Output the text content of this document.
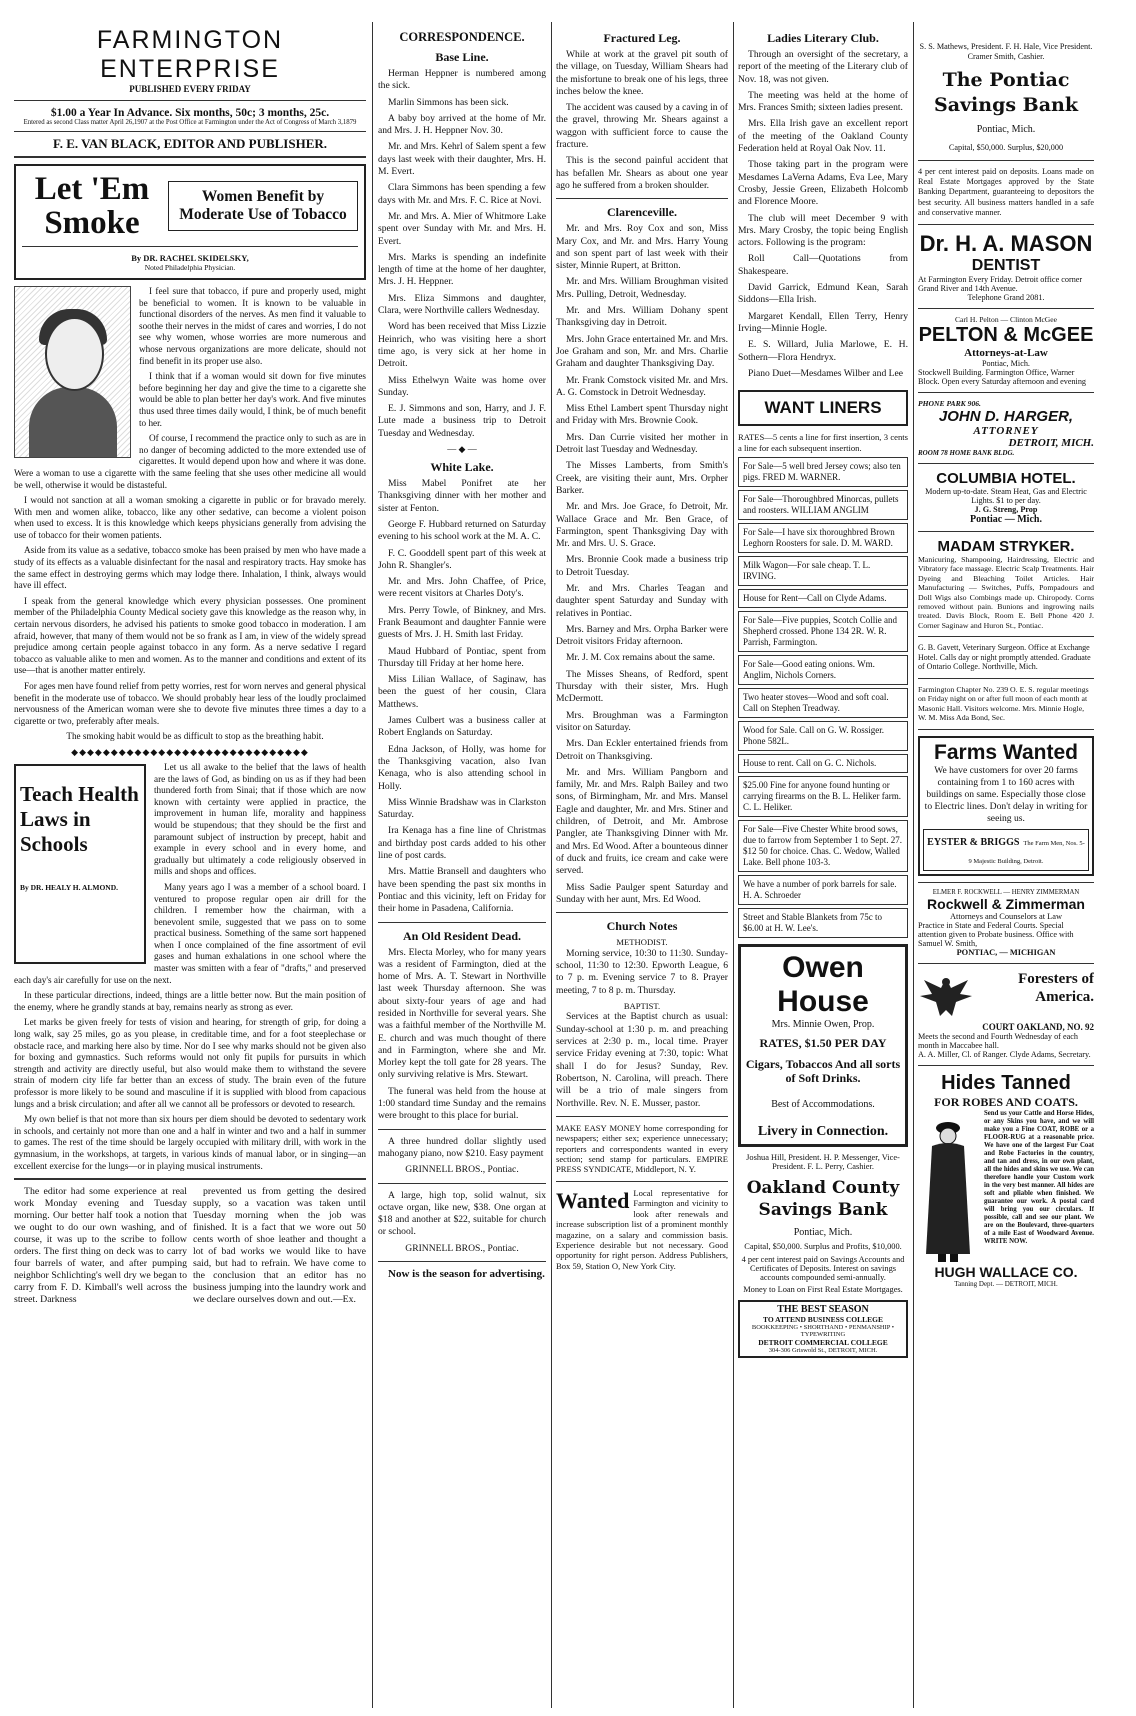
FARMINGTON ENTERPRISE
PUBLISHED EVERY FRIDAY
$1.00 a Year In Advance. Six months, 50c; 3 months, 25c.
Entered as second Class matter April 26,1907 at the Post Office at Farmington under the Act of Congress of March 3,1879
F. E. VAN BLACK, EDITOR AND PUBLISHER.
Let 'Em Smoke
Women Benefit by Moderate Use of Tobacco
By DR. RACHEL SKIDELSKY,
Noted Philadelphia Physician.

I feel sure that tobacco, if pure and properly used, might be beneficial to women. It is known to be valuable in functional disorders of the nerves. As men find it valuable to soothe their nerves in the midst of cares and worries, I do not see why women, whose worries are more numerous and whose nervous organizations are more delicate, should not find benefit in its proper use also.

I think that if a woman would sit down for five minutes before beginning her day and give the time to a cigarette she would be able to plan better her day's work. And five minutes thus used three times daily would, I think, be of much benefit to her.

Of course, I recommend the practice only to such as are in no danger of becoming addicted to the more extended use of cigarettes. It would depend upon how and where it was done. Were a woman to use a cigarette with the same feeling that she uses other medicine all would be well, otherwise it would be distasteful.

I would not sanction at all a woman smoking a cigarette in public or for bravado merely. With men and women alike, tobacco, like any other sedative, can become a violent poison when used to excess. It is this knowledge which keeps physicians generally from advising the use of tobacco for their women patients.

Aside from its value as a sedative, tobacco smoke has been praised by men who have made a study of its effects as a valuable disinfectant for the nasal and respiratory tracts. Hay smoke has the same effect in destroying germs which may lodge there. Inhalation, I think, always would have ill effect.

I speak from the general knowledge which every physician possesses. One prominent member of the Philadelphia County Medical society gave this knowledge as the reason why, in certain nervous disorders, he advised his patients to smoke good tobacco in moderation. I am afraid, however, that many of them would not be so frank as I am, in view of the widely spread prejudice among certain people against tobacco in any form. As a nerve sedative I regard tobacco as valuable alike to men and women. As to the manner and conditions and extent of its use—that is another matter entirely.

For ages men have found relief from petty worries, rest for worn nerves and general physical benefit in the moderate use of tobacco. We should probably hear less of the loudly proclaimed nervousness of the American woman were she to devote five minutes three times a day to a cigarette or two, preferably after meals.

The smoking habit would be as difficult to stop as the breathing habit.

◆◆◆◆◆◆◆◆◆◆◆◆◆◆◆◆◆◆◆◆◆◆◆◆◆◆◆◆◆◆
Teach Health Laws in Schools
By DR. HEALY H. ALMOND.

Let us all awake to the belief that the laws of health are the laws of God, as binding on us as if they had been thundered forth from Sinai; that if those which are now known with certainty were applied in practice, the improvement in human life, morality and happiness would be stupendous; that they should be the first and paramount subject of instruction by precept, habit and example in every school and in every home, and gradually but ultimately a code religiously observed in mills and shops and offices.

Many years ago I was a member of a school board. I ventured to propose regular open air drill for the children. I remember how the chairman, with a benevolent smile, suggested that we pass on to some practical business. Something of the same sort happened when I once complained of the fine assortment of evil gases and human exhalations in one school where the master was smitten with a fear of "drafts," and preserved each day's air carefully for use on the next.

In these particular directions, indeed, things are a little better now. But the main position of the enemy, where he grandly stands at bay, remains nearly as strong as ever.

Let marks be given freely for tests of vision and hearing, for strength of grip, for doing a long walk, say 25 miles, go as you please, in creditable time, and for a foot steeplechase or obstacle race, and marking here also by time. Nor do I see why marks should not be given also for boxing and gymnastics. Such reforms would not only fit pupils for pursuits in which strength and activity are directly useful, but also would make them to withstand the severe strain of modern city life far better than an excess of study. The brain even of the future professor is more likely to be sound and masculine if it is supplied with blood from capacious lungs and a brisk circulation; and after all we cannot all be professors or devoted to research.

My own belief is that not more than six hours per diem should be devoted to sedentary work in schools, and certainly not more than one and a half in winter and two and a half in summer to games. The rest of the time should be largely occupied with military drill, with work in the gymnasium, in the workshops, at targets, in various kinds of manual labor, or in singing—an excellent exercise for the lungs—or in playing musical instruments.

The editor had some experience at real work Monday evening and Tuesday morning. Our better half took a notion that we ought to do our own washing, and of course, it was up to the scribe to follow orders. The first thing on deck was to carry four barrels of water, and after pumping neighbor Schlichting's well dry we began to carry from F. D. Kimball's well across the street. Darkness

prevented us from getting the desired supply, so a vacation was taken until Tuesday morning when the job was finished. It is a fact that we wore out 50 cents worth of shoe leather and thought a lot of bad works we would like to have said, but had to refrain. We have come to the conclusion that an editor has no business jumping into the laundry work and we declare ourselves down and out.—Ex.

CORRESPONDENCE.
Base Line.

Herman Heppner is numbered among the sick.

Marlin Simmons has been sick.

A baby boy arrived at the home of Mr. and Mrs. J. H. Heppner Nov. 30.

Mr. and Mrs. Kehrl of Salem spent a few days last week with their daughter, Mrs. H. M. Evert.

Clara Simmons has been spending a few days with Mr. and Mrs. F. C. Rice at Novi.

Mr. and Mrs. A. Mier of Whitmore Lake spent over Sunday with Mr. and Mrs. H. Evert.

Mrs. Marks is spending an indefinite length of time at the home of her daughter, Mrs. J. H. Heppner.

Mrs. Eliza Simmons and daughter, Clara, were Northville callers Wednesday.

Word has been received that Miss Lizzie Heinrich, who was visiting here a short time ago, is very sick at her home in Detroit.

Miss Ethelwyn Waite was home over Sunday.

E. J. Simmons and son, Harry, and J. F. Lute made a business trip to Detroit Tuesday and Wednesday.

— ◆ —
White Lake.

Miss Mabel Ponifret ate her Thanksgiving dinner with her mother and sister at Fenton.

George F. Hubbard returned on Saturday evening to his school work at the M. A. C.

F. C. Gooddell spent part of this week at John R. Shangler's.

Mr. and Mrs. John Chaffee, of Price, were recent visitors at Charles Doty's.

Mrs. Perry Towle, of Binkney, and Mrs. Frank Beaumont and daughter Fannie were guests of Mrs. J. H. Smith last Friday.

Maud Hubbard of Pontiac, spent from Thursday till Friday at her home here.

Miss Lilian Wallace, of Saginaw, has been the guest of her cousin, Clara Matthews.

James Culbert was a business caller at Robert Englands on Saturday.

Edna Jackson, of Holly, was home for the Thanksgiving vacation, also Ivan Kenaga, who is also attending school in Holly.

Miss Winnie Bradshaw was in Clarkston Saturday.

Ira Kenaga has a fine line of Christmas and birthday post cards added to his other line of post cards.

Mrs. Mattie Bransell and daughters who have been spending the past six months in Pontiac and this vicinity, left on Friday for their home in Pasadena, California.

An Old Resident Dead.

Mrs. Electa Morley, who for many years was a resident of Farmington, died at the home of Mrs. A. T. Stewart in Northville last week Thursday afternoon. She was about sixty-four years of age and had resided in Northville for several years. She was a faithful member of the Northville M. E. church and was much thought of there and in Farmington, where she and Mr. Morley kept the toll gate for 28 years. The only surviving relative is Mrs. Stewart.

The funeral was held from the house at 1:00 standard time Sunday and the remains were brought to this place for burial.

A three hundred dollar slightly used mahogany piano, now $210. Easy payment

GRINNELL BROS., Pontiac.

A large, high top, solid walnut, six octave organ, like new, $38. One organ at $18 and another at $22, suitable for church or school.

GRINNELL BROS., Pontiac.

Now is the season for advertising.

Fractured Leg.

While at work at the gravel pit south of the village, on Tuesday, William Shears had the misfortune to break one of his legs, three inches below the knee.

The accident was caused by a caving in of the gravel, throwing Mr. Shears against a waggon with sufficient force to cause the fracture.

This is the second painful accident that has befallen Mr. Shears as about one year ago he suffered from a broken shoulder.

Clarenceville.

Mr. and Mrs. Roy Cox and son, Miss Mary Cox, and Mr. and Mrs. Harry Young and son spent part of last week with their sister, Minnie Rupert, at Britton.

Mr. and Mrs. William Broughman visited Mrs. Pulling, Detroit, Wednesday.

Mr. and Mrs. William Dohany spent Thanksgiving day in Detroit.

Mrs. John Grace entertained Mr. and Mrs. Joe Graham and son, Mr. and Mrs. Charlie Graham and daughter Thanksgiving Day.

Mr. Frank Comstock visited Mr. and Mrs. A. G. Comstock in Detroit Wednesday.

Miss Ethel Lambert spent Thursday night and Friday with Mrs. Brownie Cook.

Mrs. Dan Currie visited her mother in Detroit last Tuesday and Wednesday.

The Misses Lamberts, from Smith's Creek, are visiting their aunt, Mrs. Orpher Barker.

Mr. and Mrs. Joe Grace, fo Detroit, Mr. Wallace Grace and Mr. Ben Grace, of Farmington, spent Thanksgiving Day with Mr. and Mrs. U. S. Grace.

Mrs. Bronnie Cook made a business trip to Detroit Tuesday.

Mr. and Mrs. Charles Teagan and daughter spent Saturday and Sunday with relatives in Pontiac.

Mrs. Barney and Mrs. Orpha Barker were Detroit visitors Friday afternoon.

Mr. J. M. Cox remains about the same.

The Misses Sheans, of Redford, spent Thursday with their sister, Mrs. Hugh McDermott.

Mrs. Broughman was a Farmington visitor on Saturday.

Mrs. Dan Eckler entertained friends from Detroit on Thanksgiving.

Mr. and Mrs. William Pangborn and family, Mr. and Mrs. Ralph Bailey and two sons, of Birmingham, Mr. and Mrs. Mansel Eagle and daughter, Mr. and Mrs. Stiner and children, of Detroit, and Mr. Ambrose Pangler, ate Thanksgiving Dinner with Mr. and Mrs. Ed Wood. After a bounteous dinner of duck and fruits, ice cream and cake were served.

Miss Sadie Paulger spent Saturday and Sunday with her aunt, Mrs. Ed Wood.

Church Notes
METHODIST.

Morning service, 10:30 to 11:30. Sunday-school, 11:30 to 12:30. Epworth League, 6 to 7 p. m. Evening service 7 to 8. Prayer meeting, 7 to 8 p. m. Thursday.

BAPTIST.

Services at the Baptist church as usual: Sunday-school at 1:30 p. m. and preaching services at 2:30 p. m., local time. Prayer service Friday evening at 7:30, topic: What shall I do for Jesus? Sunday, Rev. Robertson, N. Carolina, will preach. There will be a trio of male singers from Northville. Rev. N. E. Musser, pastor.

MAKE EASY MONEY home corresponding for newspapers; either sex; experience unnecessary; reporters and correspondents wanted in every section; send stamp for particulars. EMPIRE PRESS SYNDICATE, Middleport, N. Y.

Wanted Local representative for Farmington and vicinity to look after renewals and increase subscription list of a prominent monthly magazine, on a salary and commission basis. Experience desirable but not necessary. Good opportunity for right person. Address Publishers, Box 59, Station O, New York City.

Ladies Literary Club.

Through an oversight of the secretary, a report of the meeting of the Literary club of Nov. 18, was not given.

The meeting was held at the home of Mrs. Frances Smith; sixteen ladies present.

Mrs. Ella Irish gave an excellent report of the meeting of the Oakland County Federation held at Royal Oak Nov. 11.

Those taking part in the program were Mesdames LaVerna Adams, Eva Lee, Mary Crosby, Jessie Green, Elizabeth Holcomb and Florence Moore.

The club will meet December 9 with Mrs. Mary Crosby, the topic being English actors. Following is the program:

Roll Call—Quotations from Shakespeare.

David Garrick, Edmund Kean, Sarah Siddons—Ella Irish.

Margaret Kendall, Ellen Terry, Henry Irving—Minnie Hogle.

E. S. Willard, Julia Marlowe, E. H. Sothern—Flora Hendryx.

Piano Duet—Mesdames Wilber and Lee

WANT LINERS

RATES—5 cents a line for first insertion, 3 cents a line for each subsequent insertion.

For Sale—5 well bred Jersey cows; also ten pigs. FRED M. WARNER.
For Sale—Thoroughbred Minorcas, pullets and roosters. WILLIAM ANGLIM
For Sale—I have six thoroughbred Brown Leghorn Roosters for sale. D. M. WARD.
Milk Wagon—For sale cheap. T. L. IRVING.
House for Rent—Call on Clyde Adams.
For Sale—Five puppies, Scotch Collie and Shepherd crossed. Phone 134 2R. W. R. Parrish, Farmington.
For Sale—Good eating onions. Wm. Anglim, Nichols Corners.
Two heater stoves—Wood and soft coal. Call on Stephen Treadway.
Wood for Sale. Call on G. W. Rossiger. Phone 582L.
House to rent. Call on G. C. Nichols.
$25.00 Fine for anyone found hunting or carrying firearms on the B. L. Heliker farm. C. L. Heliker.
For Sale—Five Chester White brood sows, due to farrow from September 1 to Sept. 27. $12 50 for choice. Chas. C. Wedow, Walled Lake. Bell phone 103-3.
We have a number of pork barrels for sale. H. A. Schroeder
Street and Stable Blankets from 75c to $6.00 at H. W. Lee's.
Owen House
Mrs. Minnie Owen, Prop.
RATES, $1.50 PER DAY
Cigars, Tobaccos And all sorts of Soft Drinks.
Best of Accommodations.
Livery in Connection.
Joshua Hill, President. H. P. Messenger, Vice-President. F. L. Perry, Cashier.
Oakland County Savings Bank
Pontiac, Mich.
Capital, $50,000. Surplus and Profits, $10,000.
4 per cent interest paid on Savings Accounts and Certificates of Deposits. Interest on savings accounts compounded semi-annually.
Money to Loan on First Real Estate Mortgages.
THE BEST SEASON
TO ATTEND BUSINESS COLLEGE
BOOKKEEPING • SHORTHAND • PENMANSHIP • TYPEWRITING
DETROIT COMMERCIAL COLLEGE
304-306 Griswold St., DETROIT, MICH.
S. S. Mathews, President. F. H. Hale, Vice President. Cramer Smith, Cashier.
The Pontiac Savings Bank
Pontiac, Mich.
Capital, $50,000. Surplus, $20,000
4 per cent interest paid on deposits. Loans made on Real Estate Mortgages approved by the State Banking Department, guaranteeing to depositors the best security. All business matters handled in a safe and conservative manner.
Dr. H. A. MASON
DENTIST
At Farmington Every Friday. Detroit office corner Grand River and 14th Avenue.
Telephone Grand 2081.
Carl H. Pelton — Clinton McGee
PELTON & McGEE
Attorneys-at-Law
Pontiac, Mich.
Stockwell Building. Farmington Office, Warner Block. Open every Saturday afternoon and evening
PHONE PARK 906.
JOHN D. HARGER,
ATTORNEY
DETROIT, MICH.
ROOM 78 HOME BANK BLDG.
COLUMBIA HOTEL.
Modern up-to-date. Steam Heat, Gas and Electric Lights. $1 to per day.
J. G. Streng, Prop
Pontiac — Mich.
MADAM STRYKER.
Manicuring, Shampooing, Hairdressing, Electric and Vibratory face massage. Electric Scalp Treatments. Hair Dyeing and Bleaching Toilet Articles. Hair Manufacturing — Switches, Puffs, Pompadours and Doll Wigs also Combings made up. Chiropody. Corns removed without pain. Bunions and ingrowing nails treated. Davis Block, Room E. Bell Phone 420 J. Corner Saginaw and Huron St., Pontiac.
G. B. Gavett, Veterinary Surgeon. Office at Exchange Hotel. Calls day or night promptly attended. Graduate of Ontario College. Northville, Mich.
Farmington Chapter No. 239 O. E. S. regular meetings on Friday night on or after full moon of each month at Masonic Hall. Visitors welcome. Mrs. Minnie Hogle, W. M. Miss Ada Bond, Sec.
Farms Wanted
We have customers for over 20 farms containing from 1 to 160 acres with buildings on same. Especially those close to Electric lines. Don't delay in writing for seeing us.
EYSTER & BRIGGS The Farm Men, Nos. 5-9 Majestic Building, Detroit.
ELMER F. ROCKWELL — HENRY ZIMMERMAN
Rockwell & Zimmerman
Attorneys and Counselors at Law
Practice in State and Federal Courts. Special attention given to Probate business. Office with Samuel W. Smith,
PONTIAC, — MICHIGAN
Foresters of America.
COURT OAKLAND, NO. 92
Meets the second and Fourth Wednesday of each month in Maccabee hall.
A. A. Miller, Cl. of Ranger. Clyde Adams, Secretary.
Hides Tanned
FOR ROBES AND COATS.
Send us your Cattle and Horse Hides, or any Skins you have, and we will make you a Fine COAT, ROBE or a FLOOR-RUG at a reasonable price. We have one of the largest Fur Coat and Robe Factories in the country, and tan and dress, in our own plant, all the hides and skins we use. We can therefore handle your Custom work in the very best manner. All hides are soft and pliable when finished. We guarantee our work. A postal card will bring you our circulars. If possible, call and see our plant. We are on the Boulevard, three-quarters of a mile East of Woodward Avenue. WRITE NOW.
HUGH WALLACE CO.
Tanning Dept. — DETROIT, MICH.
